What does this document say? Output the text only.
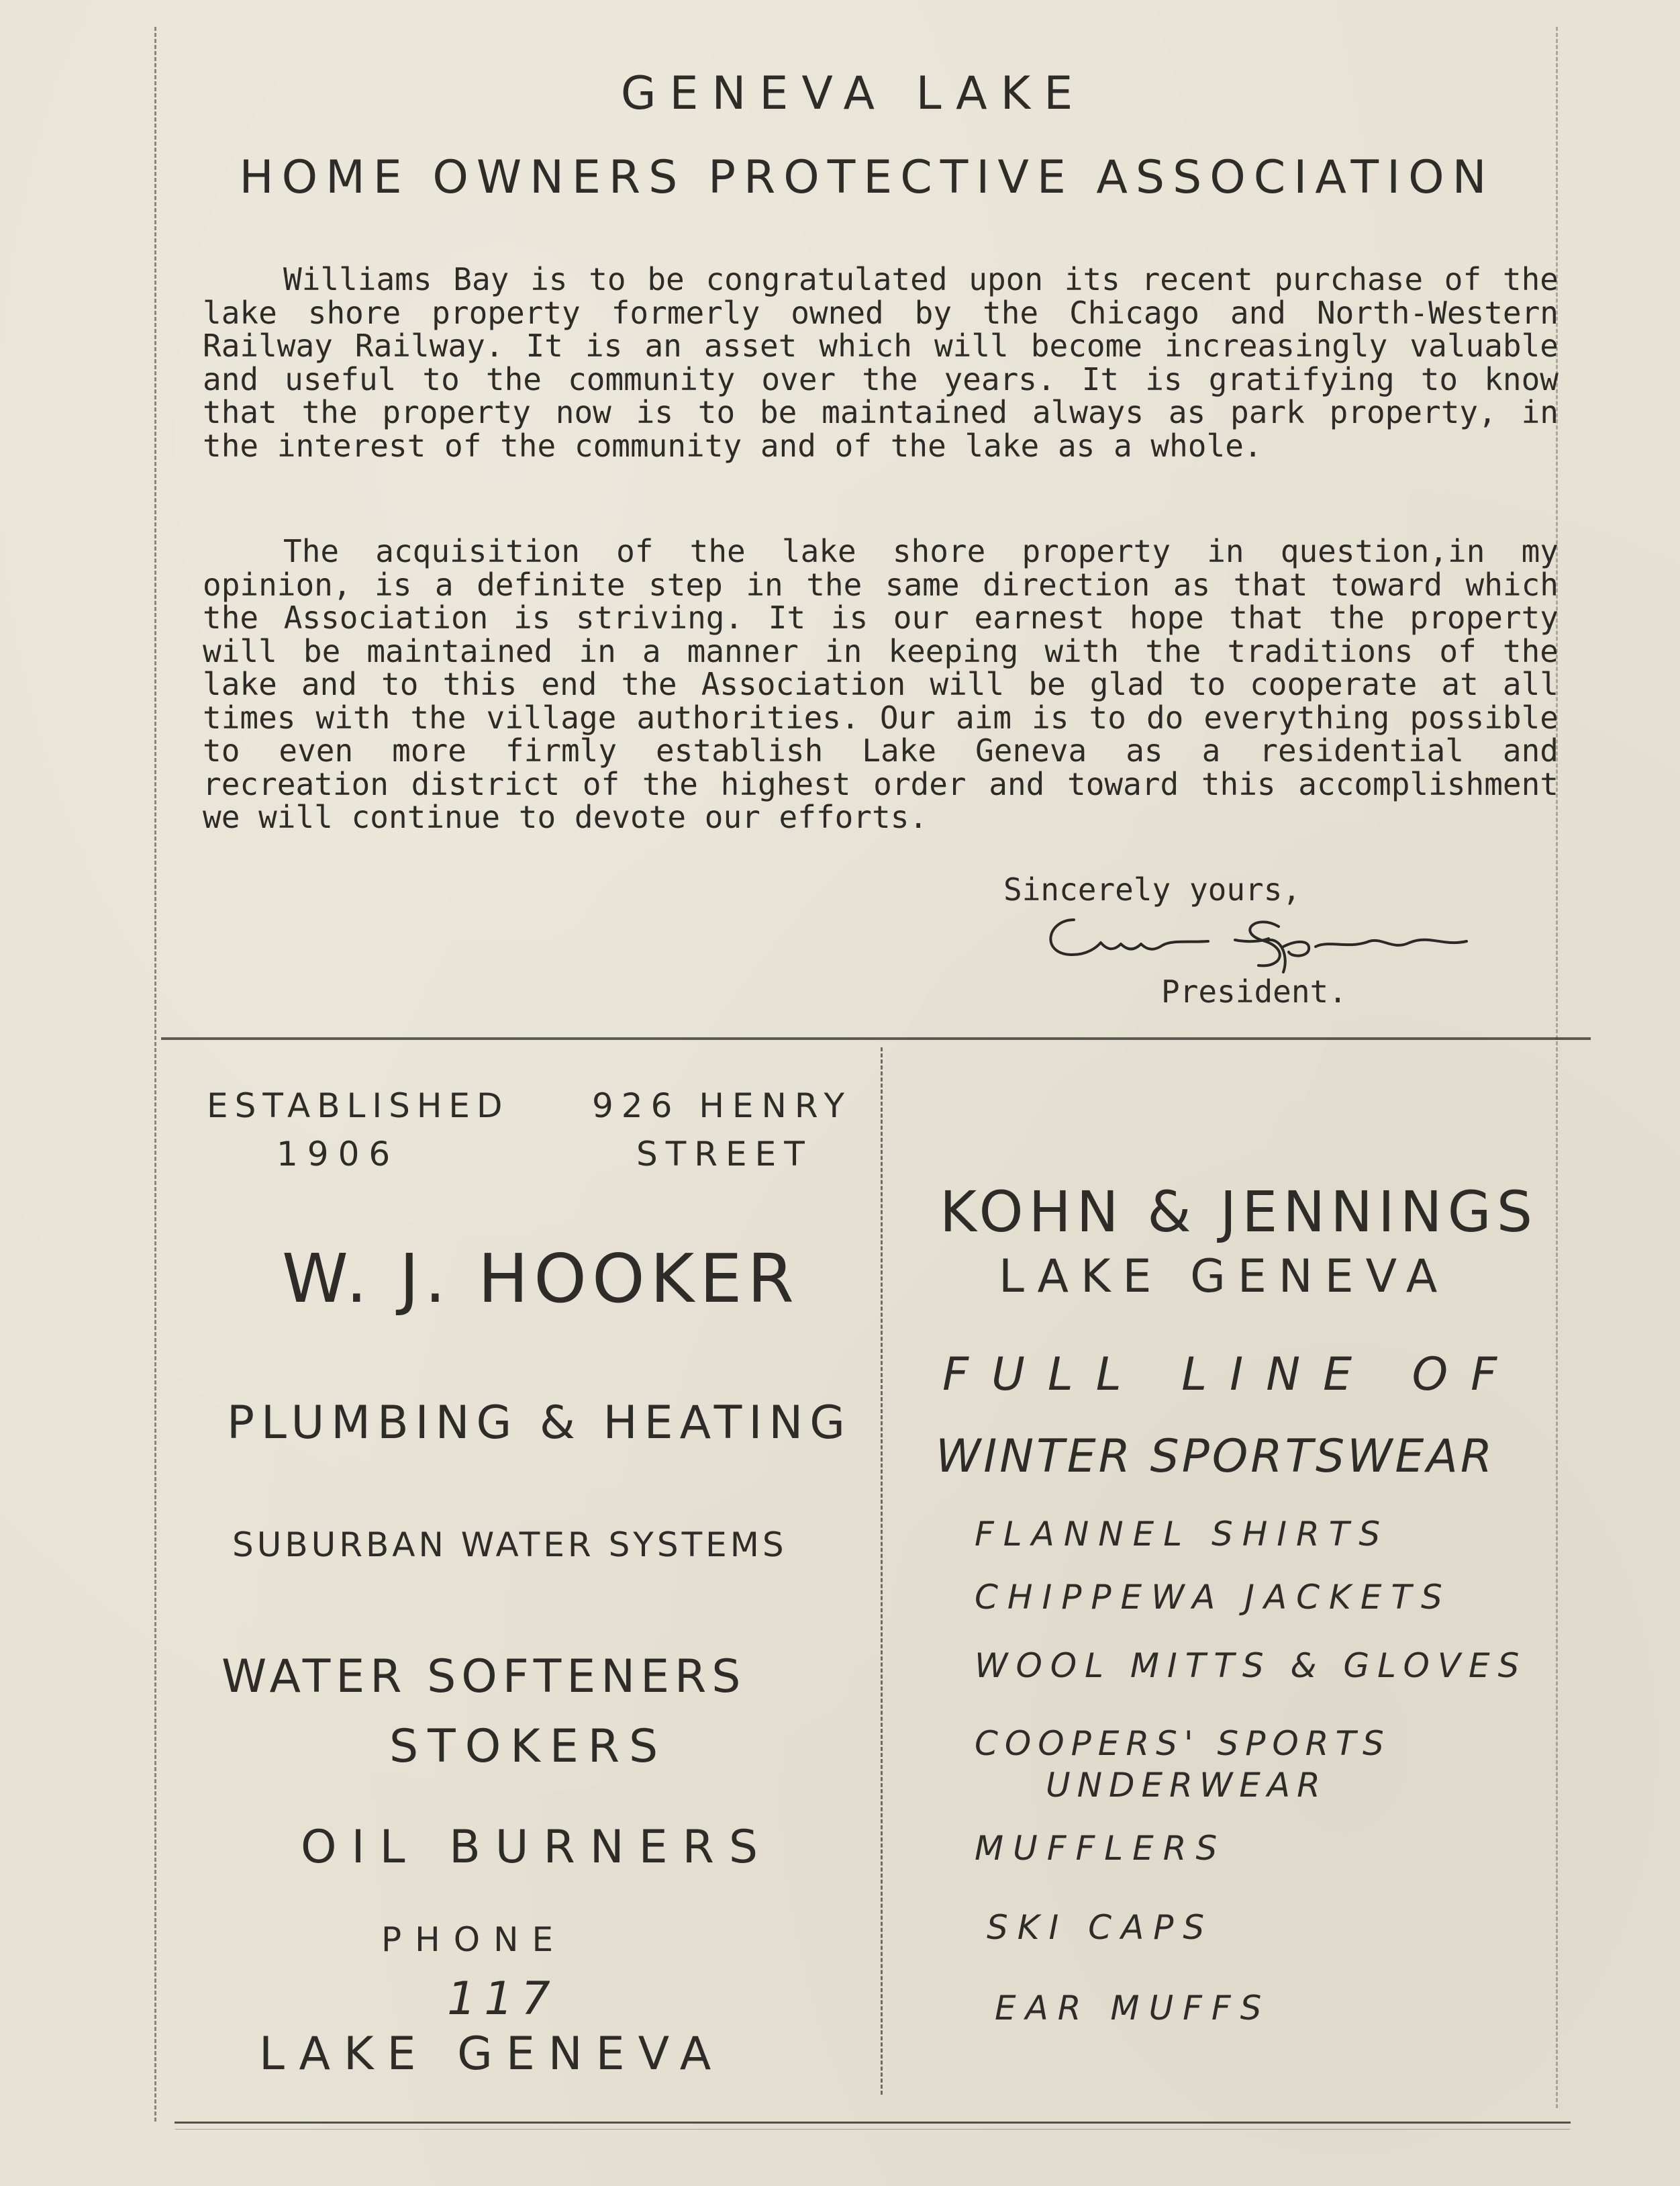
GENEVA LAKE
HOME OWNERS PROTECTIVE ASSOCIATION

Williams Bay is to be congratulated upon its recent purchase of the lake shore property formerly owned by the Chicago and North-Western Railway Railway. It is an asset which will become increasingly valuable and useful to the community over the years. It is gratifying to know that the property now is to be maintained always as park property, in the interest of the community and of the lake as a whole.

The acquisition of the lake shore property in question,in my opinion, is a definite step in the same direction as that toward which the Association is striving. It is our earnest hope that the property will be maintained in a manner in keeping with the traditions of the lake and to this end the Association will be glad to cooperate at all times with the village authorities. Our aim is to do everything possible to even more firmly establish Lake Geneva as a residential and recreation district of the highest order and toward this accomplishment we will continue to devote our efforts.

Sincerely yours,
President.
ESTABLISHED
1906
926 HENRY
STREET
W. J. HOOKER
PLUMBING & HEATING
SUBURBAN WATER SYSTEMS
WATER SOFTENERS
STOKERS
OIL BURNERS
PHONE
117
LAKE GENEVA
KOHN & JENNINGS
LAKE GENEVA
FULL LINE OF
WINTER SPORTSWEAR
FLANNEL SHIRTS
CHIPPEWA JACKETS
WOOL MITTS & GLOVES
COOPERS' SPORTS
UNDERWEAR
MUFFLERS
SKI CAPS
EAR MUFFS
